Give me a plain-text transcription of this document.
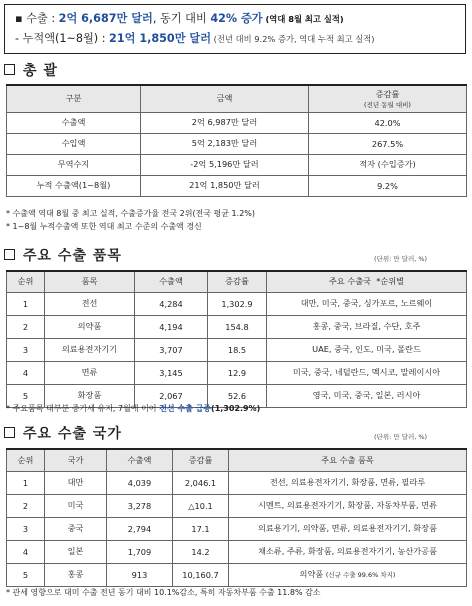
▪ 수출 : 2억 6,687만 달러, 동기 대비 42% 증가 (역대 8월 최고 실적)
- 누적액(1~8월) : 21억 1,850만 달러 (전년 대비 9.2% 증가, 역대 누적 최고 실적)
총 괄
구분	금액	증감률
(전년 동월 대비)

수출액	2억 6,987만 달러	42.0%
수입액	5억 2,183만 달러	267.5%
무역수지	-2억 5,196만 달러	적자 (수입증가)
누적 수출액(1~8월)	21억 1,850만 달러	9.2%
* 수출액 역대 8월 중 최고 실적, 수출증가율 전국 2위(전국 평균 1.2%)
* 1~8월 누적수출액 또한 역대 최고 수준의 수출액 경신
주요 수출 품목	(단위: 만 달러, %)
순위	품목	수출액	증감률	주요 수출국 *순위별
1	전선	4,284	1,302.9	대만, 미국, 중국, 싱가포르, 노르웨이
2	의약품	4,194	154.8	홍콩, 중국, 브라질, 수단, 호주
3	의료용전자기기	3,707	18.5	UAE, 중국, 인도, 미국, 폴란드
4	면류	3,145	12.9	미국, 중국, 네덜란드, 멕시코, 말레이시아
5	화장품	2,067	52.6	영국, 미국, 중국, 일본, 러시아
* 주요품목 대부분 증가세 유지, 7월에 이어 전선 수출 급증(1,302.9%)
주요 수출 국가	(단위: 만 달러, %)
순위	국가	수출액	증감률	주요 수출 품목
1	대만	4,039	2,046.1	전선, 의료용전자기기, 화장품, 면류, 필라루
2	미국	3,278	△10.1	시멘트, 의료용전자기기, 화장품, 자동차부품, 면류
3	중국	2,794	17.1	의료용기기, 의약품, 면류, 의료용전자기기, 화장품
4	일본	1,709	14.2	채소류, 주류, 화장품, 의료용전자기기, 농산가공품
5	홍콩	913	10,160.7	의약품 (신규 수출 99.6% 차지)
* 관세 영향으로 대미 수출 전년 동기 대비 10.1%감소, 특히 자동차부품 수출 11.8% 감소
